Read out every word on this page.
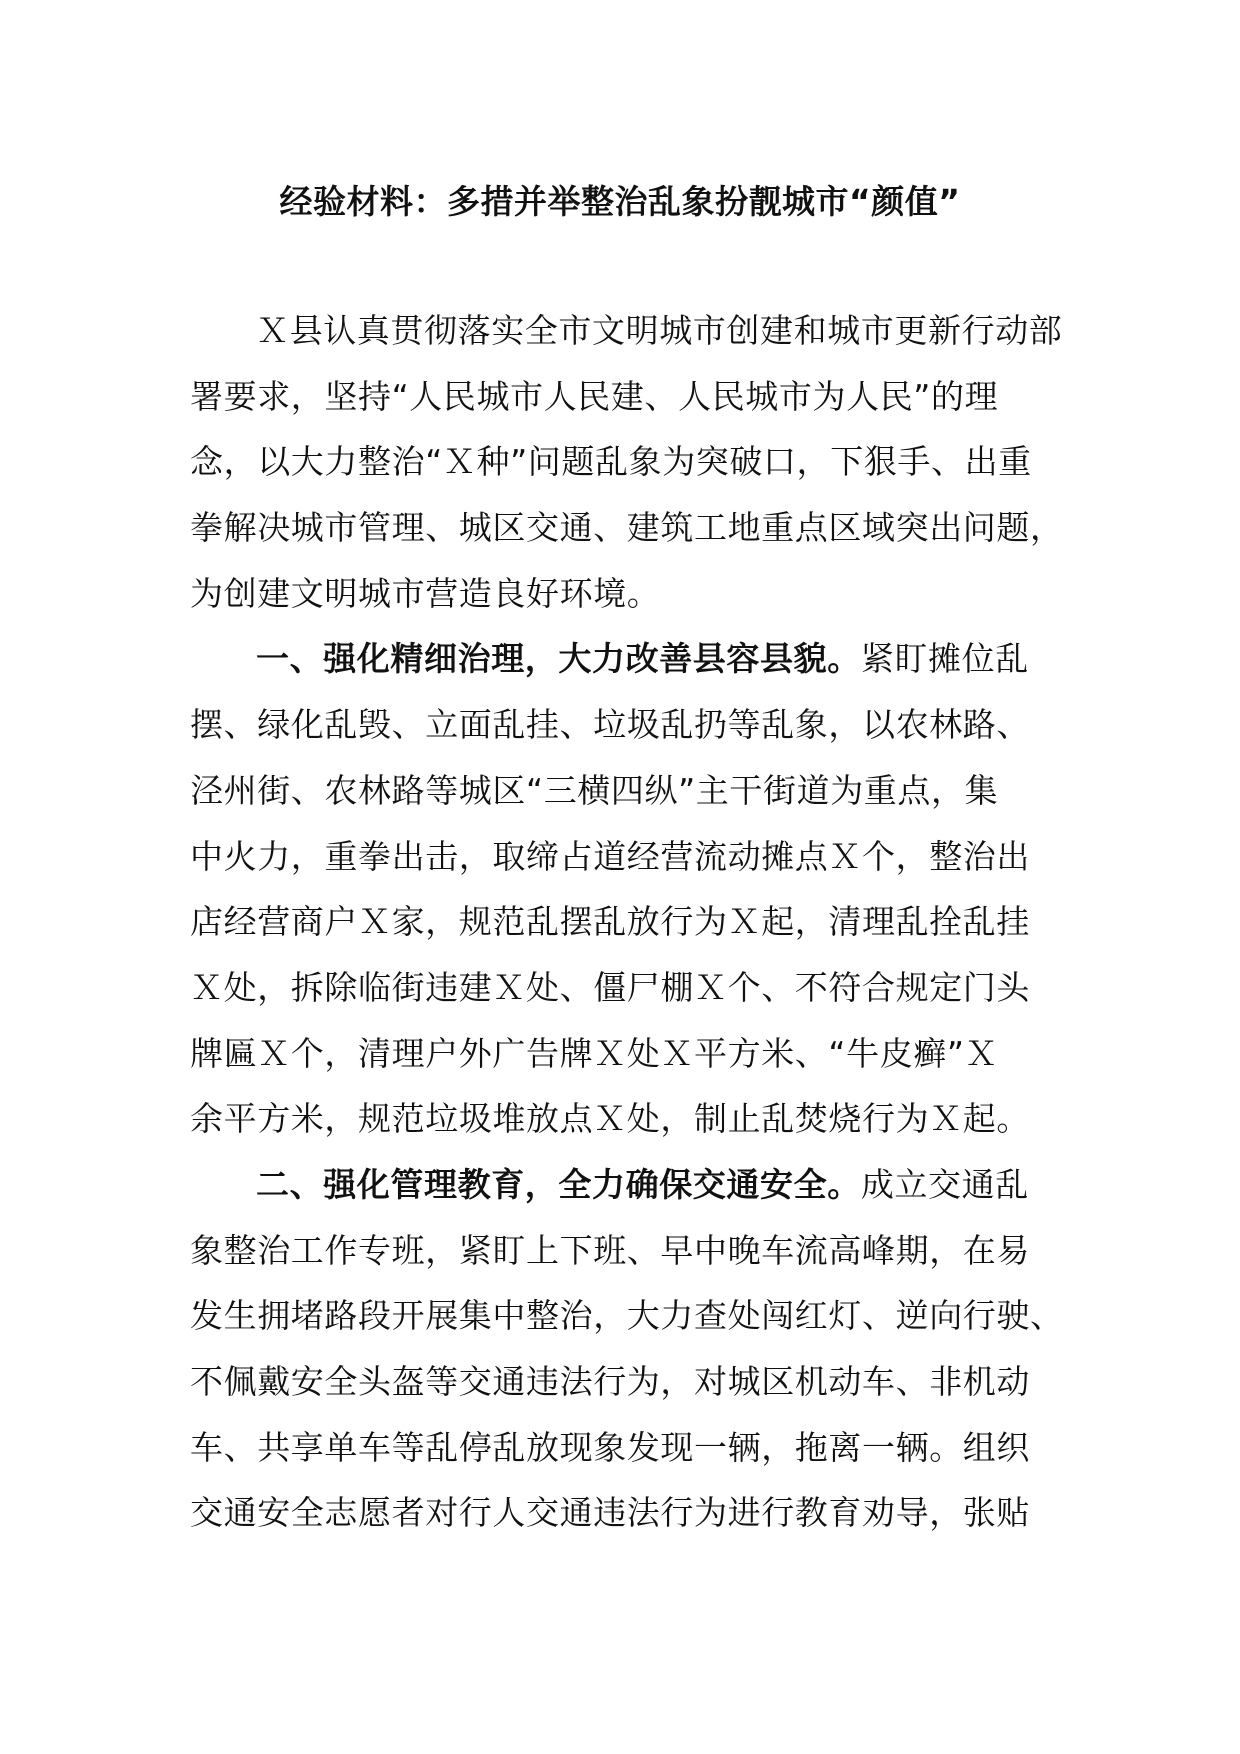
经验材料：多措并举整治乱象扮靓城市“颜值”
Ｘ县认真贯彻落实全市文明城市创建和城市更新行动部
署要求，坚持“人民城市人民建、人民城市为人民”的理
念，以大力整治“Ｘ种”问题乱象为突破口，下狠手、出重
拳解决城市管理、城区交通、建筑工地重点区域突出问题，
为创建文明城市营造良好环境。
一、强化精细治理，大力改善县容县貌。紧盯摊位乱
摆、绿化乱毁、立面乱挂、垃圾乱扔等乱象，以农林路、
泾州街、农林路等城区“三横四纵”主干街道为重点，集
中火力，重拳出击，取缔占道经营流动摊点Ｘ个，整治出
店经营商户Ｘ家，规范乱摆乱放行为Ｘ起，清理乱拴乱挂
Ｘ处，拆除临街违建Ｘ处、僵尸棚Ｘ个、不符合规定门头
牌匾Ｘ个，清理户外广告牌Ｘ处Ｘ平方米、“牛皮癣”Ｘ
余平方米，规范垃圾堆放点Ｘ处，制止乱焚烧行为Ｘ起。
二、强化管理教育，全力确保交通安全。成立交通乱
象整治工作专班，紧盯上下班、早中晚车流高峰期，在易
发生拥堵路段开展集中整治，大力查处闯红灯、逆向行驶、
不佩戴安全头盔等交通违法行为，对城区机动车、非机动
车、共享单车等乱停乱放现象发现一辆，拖离一辆。组织
交通安全志愿者对行人交通违法行为进行教育劝导，张贴
